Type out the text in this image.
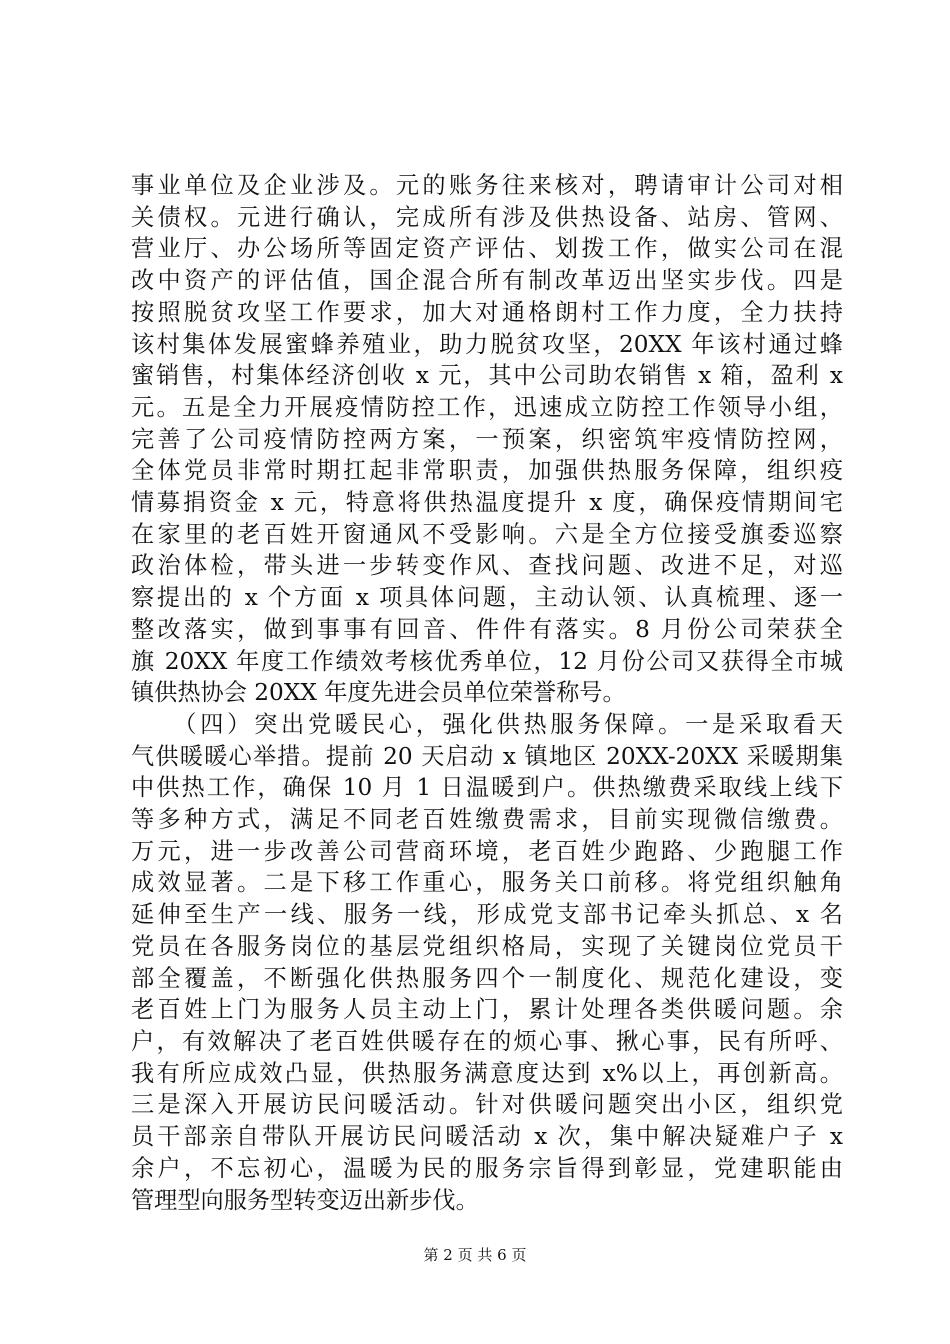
事业单位及企业涉及。元的账务往来核对，聘请审计公司对相
关债权。元进行确认，完成所有涉及供热设备、站房、管网、
营业厅、办公场所等固定资产评估、划拨工作，做实公司在混
改中资产的评估值，国企混合所有制改革迈出坚实步伐。四是
按照脱贫攻坚工作要求，加大对通格朗村工作力度，全力扶持
该村集体发展蜜蜂养殖业，助力脱贫攻坚，20XX 年该村通过蜂
蜜销售，村集体经济创收 x 元，其中公司助农销售 x 箱，盈利 x
元。五是全力开展疫情防控工作，迅速成立防控工作领导小组，
完善了公司疫情防控两方案，一预案，织密筑牢疫情防控网，
全体党员非常时期扛起非常职责，加强供热服务保障，组织疫
情募捐资金 x 元，特意将供热温度提升 x 度，确保疫情期间宅
在家里的老百姓开窗通风不受影响。六是全方位接受旗委巡察
政治体检，带头进一步转变作风、查找问题、改进不足，对巡
察提出的 x 个方面 x 项具体问题，主动认领、认真梳理、逐一
整改落实，做到事事有回音、件件有落实。8 月份公司荣获全
旗 20XX 年度工作绩效考核优秀单位，12 月份公司又获得全市城
镇供热协会 20XX 年度先进会员单位荣誉称号。
　　（四）突出党暖民心，强化供热服务保障。一是采取看天
气供暖暖心举措。提前 20 天启动 x 镇地区 20XX-20XX 采暖期集
中供热工作，确保 10 月 1 日温暖到户。供热缴费采取线上线下
等多种方式，满足不同老百姓缴费需求，目前实现微信缴费。
万元，进一步改善公司营商环境，老百姓少跑路、少跑腿工作
成效显著。二是下移工作重心，服务关口前移。将党组织触角
延伸至生产一线、服务一线，形成党支部书记牵头抓总、x 名
党员在各服务岗位的基层党组织格局，实现了关键岗位党员干
部全覆盖，不断强化供热服务四个一制度化、规范化建设，变
老百姓上门为服务人员主动上门，累计处理各类供暖问题。余
户，有效解决了老百姓供暖存在的烦心事、揪心事，民有所呼、
我有所应成效凸显，供热服务满意度达到 x%以上，再创新高。
三是深入开展访民问暖活动。针对供暖问题突出小区，组织党
员干部亲自带队开展访民问暖活动 x 次，集中解决疑难户子 x
余户，不忘初心，温暖为民的服务宗旨得到彰显，党建职能由
管理型向服务型转变迈出新步伐。
第 2 页 共 6 页
